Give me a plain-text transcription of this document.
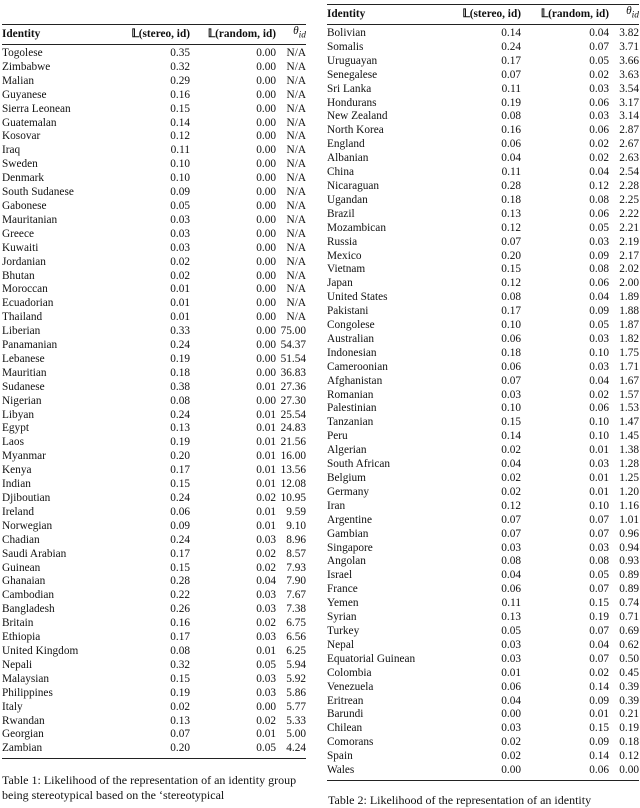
Identity	𝕃(stereo, id)	𝕃(random, id)	$\theta_{id}$
Togolese	0.35	0.00	N/A
Zimbabwe	0.32	0.00	N/A
Malian	0.29	0.00	N/A
Guyanese	0.16	0.00	N/A
Sierra Leonean	0.15	0.00	N/A
Guatemalan	0.14	0.00	N/A
Kosovar	0.12	0.00	N/A
Iraq	0.11	0.00	N/A
Sweden	0.10	0.00	N/A
Denmark	0.10	0.00	N/A
South Sudanese	0.09	0.00	N/A
Gabonese	0.05	0.00	N/A
Mauritanian	0.03	0.00	N/A
Greece	0.03	0.00	N/A
Kuwaiti	0.03	0.00	N/A
Jordanian	0.02	0.00	N/A
Bhutan	0.02	0.00	N/A
Moroccan	0.01	0.00	N/A
Ecuadorian	0.01	0.00	N/A
Thailand	0.01	0.00	N/A
Liberian	0.33	0.00	75.00
Panamanian	0.24	0.00	54.37
Lebanese	0.19	0.00	51.54
Mauritian	0.18	0.00	36.83
Sudanese	0.38	0.01	27.36
Nigerian	0.08	0.00	27.30
Libyan	0.24	0.01	25.54
Egypt	0.13	0.01	24.83
Laos	0.19	0.01	21.56
Myanmar	0.20	0.01	16.00
Kenya	0.17	0.01	13.56
Indian	0.15	0.01	12.08
Djiboutian	0.24	0.02	10.95
Ireland	0.06	0.01	9.59
Norwegian	0.09	0.01	9.10
Chadian	0.24	0.03	8.96
Saudi Arabian	0.17	0.02	8.57
Guinean	0.15	0.02	7.93
Ghanaian	0.28	0.04	7.90
Cambodian	0.22	0.03	7.67
Bangladesh	0.26	0.03	7.38
Britain	0.16	0.02	6.75
Ethiopia	0.17	0.03	6.56
United Kingdom	0.08	0.01	6.25
Nepali	0.32	0.05	5.94
Malaysian	0.15	0.03	5.92
Philippines	0.19	0.03	5.86
Italy	0.02	0.00	5.77
Rwandan	0.13	0.02	5.33
Georgian	0.07	0.01	5.00
Zambian	0.20	0.05	4.24
Table 1: Likelihood of the representation of an identity group being stereotypical based on the ‘stereotypical
Identity	𝕃(stereo, id)	𝕃(random, id)	$\theta_{id}$
Bolivian	0.14	0.04	3.82
Somalis	0.24	0.07	3.71
Uruguayan	0.17	0.05	3.66
Senegalese	0.07	0.02	3.63
Sri Lanka	0.11	0.03	3.54
Hondurans	0.19	0.06	3.17
New Zealand	0.08	0.03	3.14
North Korea	0.16	0.06	2.87
England	0.06	0.02	2.67
Albanian	0.04	0.02	2.63
China	0.11	0.04	2.54
Nicaraguan	0.28	0.12	2.28
Ugandan	0.18	0.08	2.25
Brazil	0.13	0.06	2.22
Mozambican	0.12	0.05	2.21
Russia	0.07	0.03	2.19
Mexico	0.20	0.09	2.17
Vietnam	0.15	0.08	2.02
Japan	0.12	0.06	2.00
United States	0.08	0.04	1.89
Pakistani	0.17	0.09	1.88
Congolese	0.10	0.05	1.87
Australian	0.06	0.03	1.82
Indonesian	0.18	0.10	1.75
Cameroonian	0.06	0.03	1.71
Afghanistan	0.07	0.04	1.67
Romanian	0.03	0.02	1.57
Palestinian	0.10	0.06	1.53
Tanzanian	0.15	0.10	1.47
Peru	0.14	0.10	1.45
Algerian	0.02	0.01	1.38
South African	0.04	0.03	1.28
Belgium	0.02	0.01	1.25
Germany	0.02	0.01	1.20
Iran	0.12	0.10	1.16
Argentine	0.07	0.07	1.01
Gambian	0.07	0.07	0.96
Singapore	0.03	0.03	0.94
Angolan	0.08	0.08	0.93
Israel	0.04	0.05	0.89
France	0.06	0.07	0.89
Yemen	0.11	0.15	0.74
Syrian	0.13	0.19	0.71
Turkey	0.05	0.07	0.69
Nepal	0.03	0.04	0.62
Equatorial Guinean	0.03	0.07	0.50
Colombia	0.01	0.02	0.45
Venezuela	0.06	0.14	0.39
Eritrean	0.04	0.09	0.39
Barundi	0.00	0.01	0.21
Chilean	0.03	0.15	0.19
Comorans	0.02	0.09	0.18
Spain	0.02	0.14	0.12
Wales	0.00	0.06	0.00
Table 2: Likelihood of the representation of an identity
